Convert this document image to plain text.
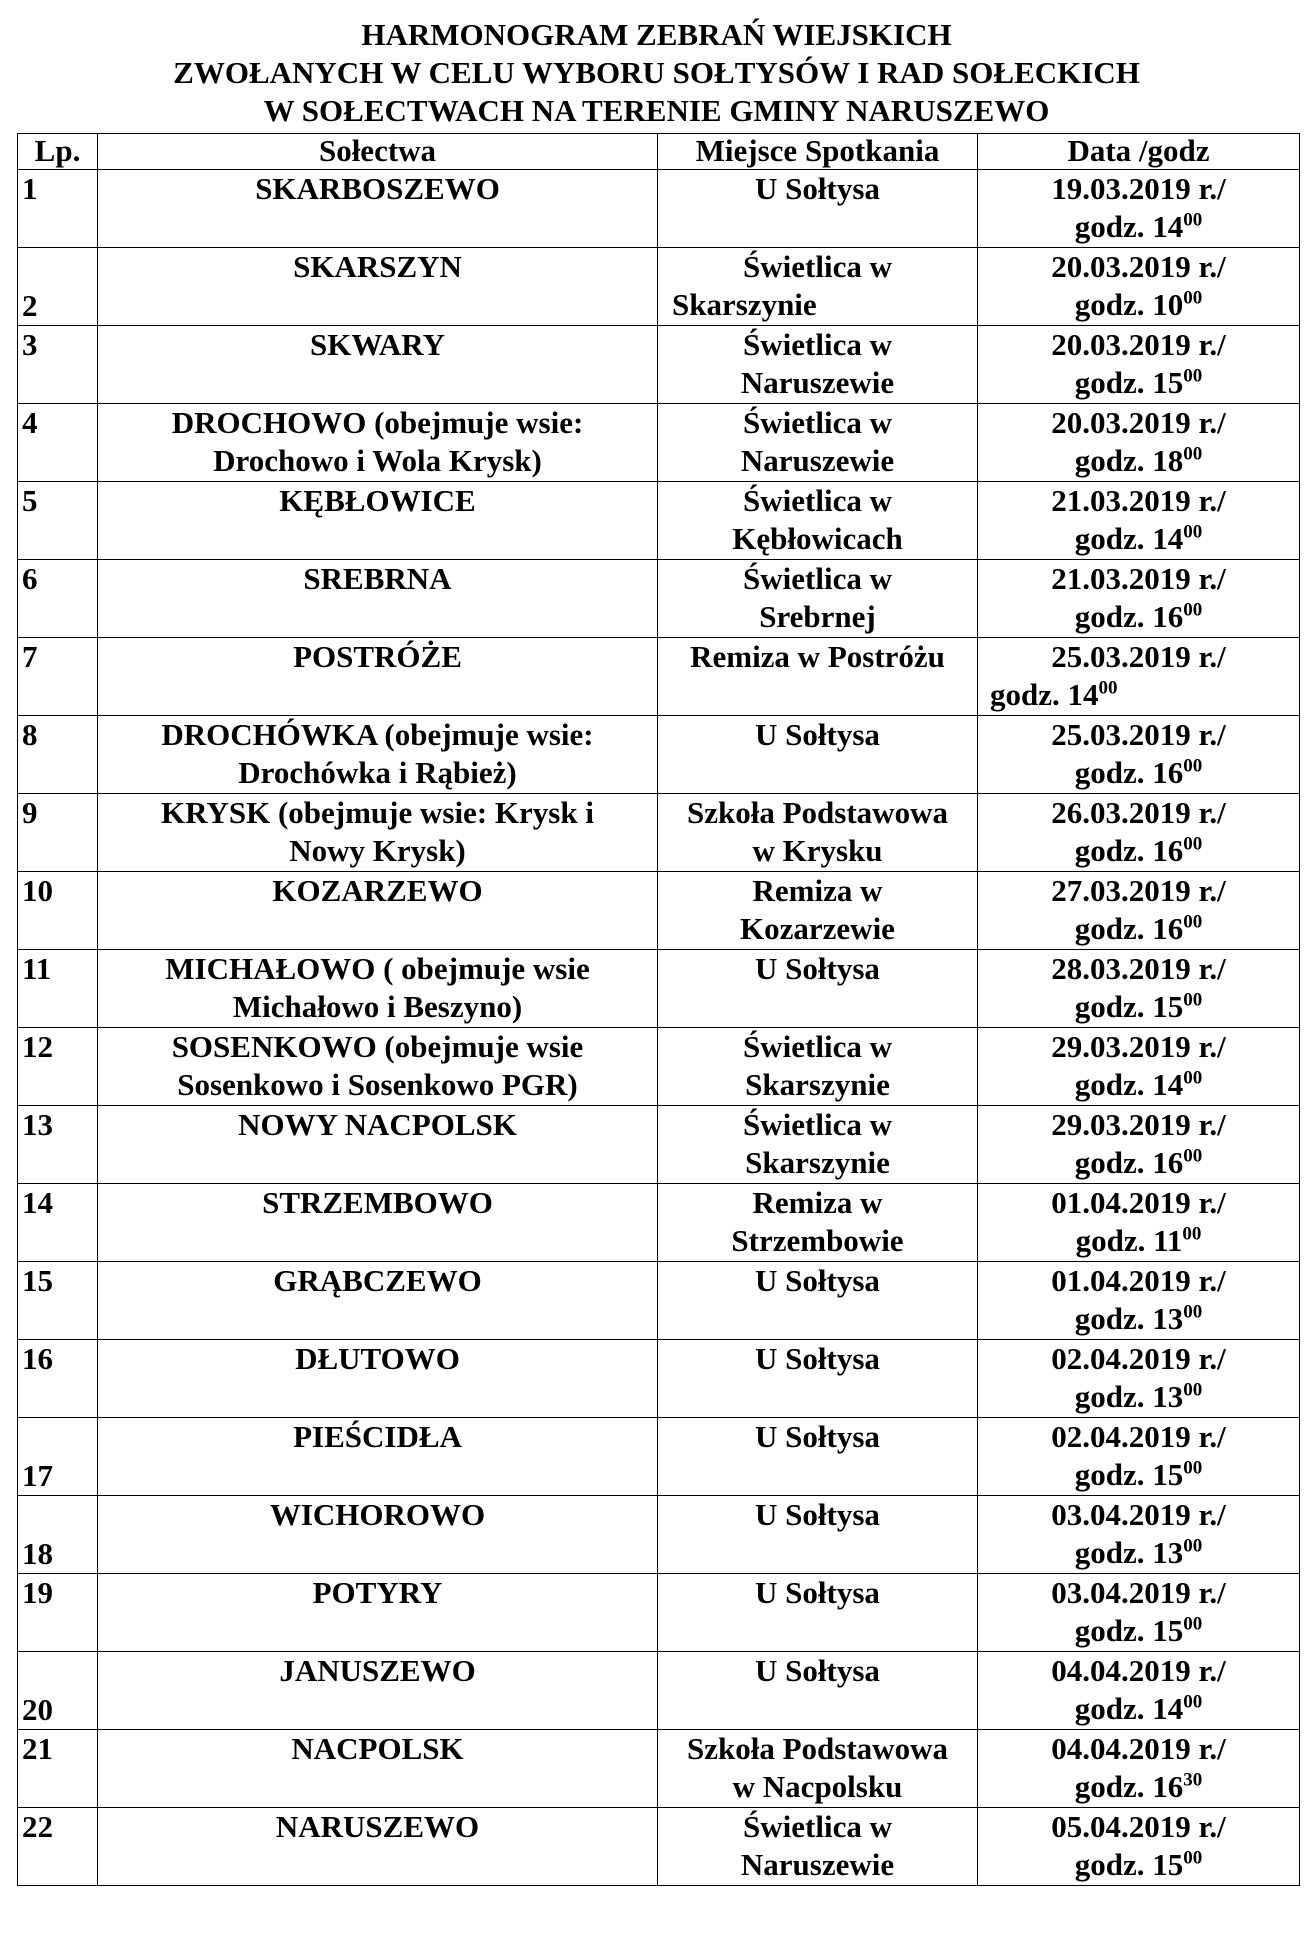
HARMONOGRAM ZEBRAŃ WIEJSKICH
ZWOŁANYCH W CELU WYBORU SOŁTYSÓW I RAD SOŁECKICH
W SOŁECTWACH NA TERENIE GMINY NARUSZEWO
Lp.	Sołectwa	Miejsce Spotkania	Data /godz
1	SKARBOSZEWO	U Sołtysa	19.03.2019 r./
godz. $14^{00}$

2	SKARSZYN	Świetlica w
Skarszynie	20.03.2019 r./
godz. $10^{00}$

3	SKWARY	Świetlica w
Naruszewie	20.03.2019 r./
godz. $15^{00}$

4	DROCHOWO (obejmuje wsie:
Drochowo i Wola Krysk)	Świetlica w
Naruszewie	20.03.2019 r./
godz. $18^{00}$

5	KĘBŁOWICE	Świetlica w
Kębłowicach	21.03.2019 r./
godz. $14^{00}$

6	SREBRNA	Świetlica w
Srebrnej	21.03.2019 r./
godz. $16^{00}$

7	POSTRÓŻE	Remiza w Postróżu	25.03.2019 r./
godz. $14^{00}$

8	DROCHÓWKA (obejmuje wsie:
Drochówka i Rąbież)	U Sołtysa	25.03.2019 r./
godz. $16^{00}$

9	KRYSK (obejmuje wsie: Krysk i
Nowy Krysk)	Szkoła Podstawowa
w Krysku	26.03.2019 r./
godz. $16^{00}$

10	KOZARZEWO	Remiza w
Kozarzewie	27.03.2019 r./
godz. $16^{00}$

11	MICHAŁOWO ( obejmuje wsie
Michałowo i Beszyno)	U Sołtysa	28.03.2019 r./
godz. $15^{00}$

12	SOSENKOWO (obejmuje wsie
Sosenkowo i Sosenkowo PGR)	Świetlica w
Skarszynie	29.03.2019 r./
godz. $14^{00}$

13	NOWY NACPOLSK	Świetlica w
Skarszynie	29.03.2019 r./
godz. $16^{00}$

14	STRZEMBOWO	Remiza w
Strzembowie	01.04.2019 r./
godz. $11^{00}$

15	GRĄBCZEWO	U Sołtysa	01.04.2019 r./
godz. $13^{00}$

16	DŁUTOWO	U Sołtysa	02.04.2019 r./
godz. $13^{00}$

17	PIEŚCIDŁA	U Sołtysa	02.04.2019 r./
godz. $15^{00}$

18	WICHOROWO	U Sołtysa	03.04.2019 r./
godz. $13^{00}$

19	POTYRY	U Sołtysa	03.04.2019 r./
godz. $15^{00}$

20	JANUSZEWO	U Sołtysa	04.04.2019 r./
godz. $14^{00}$

21	NACPOLSK	Szkoła Podstawowa
w Nacpolsku	04.04.2019 r./
godz. $16^{30}$

22	NARUSZEWO	Świetlica w
Naruszewie	05.04.2019 r./
godz. $15^{00}$
